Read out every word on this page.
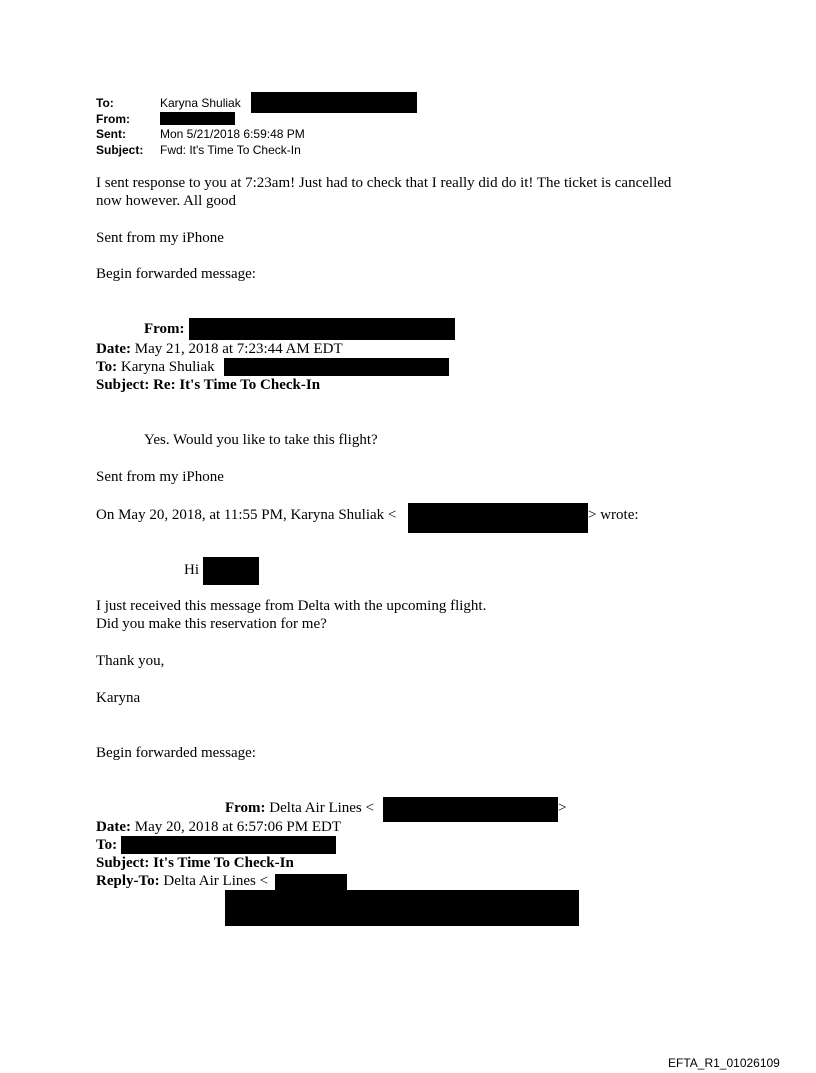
To:	Karyna Shuliak
From:
Sent:	Mon 5/21/2018 6:59:48 PM
Subject: Fwd: It's Time To Check-In
I sent response to you at 7:23am! Just had to check that I really did do it! The ticket is cancelled
now however. All good
Sent from my iPhone
Begin forwarded message:
From:
Date: May 21, 2018 at 7:23:44 AM EDT
To: Karyna Shuliak
Subject: Re: It's Time To Check-In
Yes. Would you like to take this flight?
Sent from my iPhone
On May 20, 2018, at 11:55 PM, Karyna Shuliak <	> wrote:
Hi
I just received this message from Delta with the upcoming flight.
Did you make this reservation for me?
Thank you,
Karyna
Begin forwarded message:
From: Delta Air Lines <	>
Date: May 20, 2018 at 6:57:06 PM EDT
To:
Subject: It's Time To Check-In
Reply-To: Delta Air Lines <
EFTA_R1_01026109
